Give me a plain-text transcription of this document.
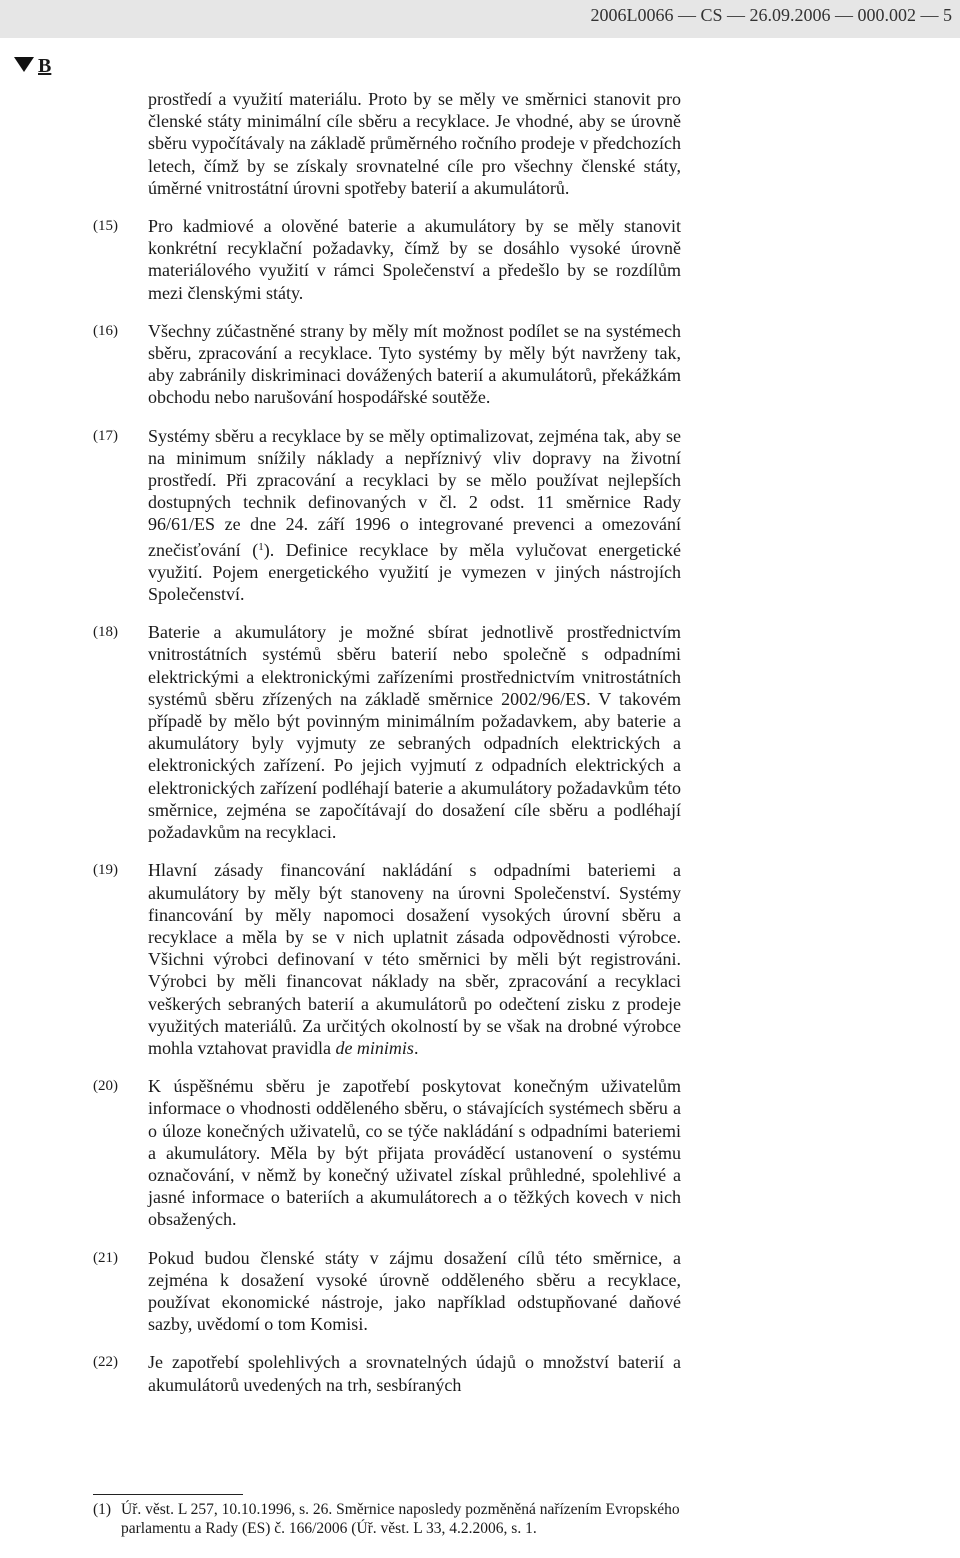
2006L0066 — CS — 26.09.2006 — 000.002 — 5
B
prostředí a využití materiálu. Proto by se měly ve směrnici stanovit pro členské státy minimální cíle sběru a recyklace. Je vhodné, aby se úrovně sběru vypočítávaly na základě průměrného ročního prodeje v předchozích letech, čímž by se získaly srovnatelné cíle pro všechny členské státy, úměrné vnitrostátní úrovni spotřeby baterií a akumulátorů.
(15) Pro kadmiové a olověné baterie a akumulátory by se měly stanovit konkrétní recyklační požadavky, čímž by se dosáhlo vysoké úrovně materiálového využití v rámci Společenství a předešlo by se rozdílům mezi členskými státy.
(16) Všechny zúčastněné strany by měly mít možnost podílet se na systémech sběru, zpracování a recyklace. Tyto systémy by měly být navrženy tak, aby zabránily diskriminaci dovážených baterií a akumulátorů, překážkám obchodu nebo narušování hospodářské soutěže.
(17) Systémy sběru a recyklace by se měly optimalizovat, zejména tak, aby se na minimum snížily náklady a nepříznivý vliv dopravy na životní prostředí. Při zpracování a recyklaci by se mělo používat nejlepších dostupných technik definovaných v čl. 2 odst. 11 směrnice Rady 96/61/ES ze dne 24. září 1996 o integrované prevenci a omezování znečisťování ($^1$). Definice recyklace by měla vylučovat energetické využití. Pojem energetického využití je vymezen v jiných nástrojích Společenství.
(18) Baterie a akumulátory je možné sbírat jednotlivě prostřednictvím vnitrostátních systémů sběru baterií nebo společně s odpadními elektrickými a elektronickými zařízeními prostřednictvím vnitrostátních systémů sběru zřízených na základě směrnice 2002/96/ES. V takovém případě by mělo být povinným minimálním požadavkem, aby baterie a akumulátory byly vyjmuty ze sebraných odpadních elektrických a elektronických zařízení. Po jejich vyjmutí z odpadních elektrických a elektronických zařízení podléhají baterie a akumulátory požadavkům této směrnice, zejména se započítávají do dosažení cíle sběru a podléhají požadavkům na recyklaci.
(19) Hlavní zásady financování nakládání s odpadními bateriemi a akumulátory by měly být stanoveny na úrovni Společenství. Systémy financování by měly napomoci dosažení vysokých úrovní sběru a recyklace a měla by se v nich uplatnit zásada odpovědnosti výrobce. Všichni výrobci definovaní v této směrnici by měli být registrováni. Výrobci by měli financovat náklady na sběr, zpracování a recyklaci veškerých sebraných baterií a akumulátorů po odečtení zisku z prodeje využitých materiálů. Za určitých okolností by se však na drobné výrobce mohla vztahovat pravidla de minimis.
(20) K úspěšnému sběru je zapotřebí poskytovat konečným uživatelům informace o vhodnosti odděleného sběru, o stávajících systémech sběru a o úloze konečných uživatelů, co se týče nakládání s odpadními bateriemi a akumulátory. Měla by být přijata prováděcí ustanovení o systému označování, v němž by konečný uživatel získal průhledné, spolehlivé a jasné informace o bateriích a akumulátorech a o těžkých kovech v nich obsažených.
(21) Pokud budou členské státy v zájmu dosažení cílů této směrnice, a zejména k dosažení vysoké úrovně odděleného sběru a recyklace, používat ekonomické nástroje, jako například odstupňované daňové sazby, uvědomí o tom Komisi.
(22) Je zapotřebí spolehlivých a srovnatelných údajů o množství baterií a akumulátorů uvedených na trh, sesbíraných
(1) Úř. věst. L 257, 10.10.1996, s. 26. Směrnice naposledy pozměněná nařízením Evropského parlamentu a Rady (ES) č. 166/2006 (Úř. věst. L 33, 4.2.2006, s. 1.
